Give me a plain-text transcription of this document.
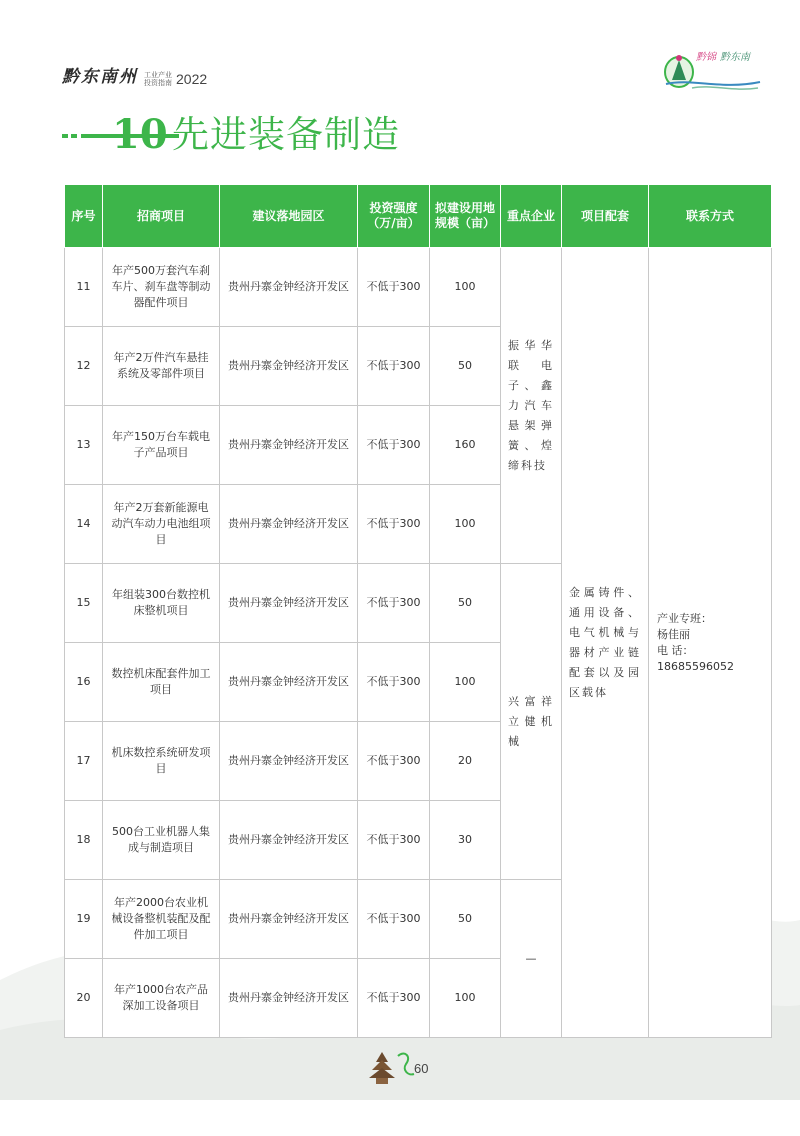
黔东南州 工业产业
投资指南 2022
黔锦 黔东南
10 先进装备制造
序号	招商项目	建议落地园区	投资强度（万/亩）	拟建设用地规模（亩）	重点企业	项目配套	联系方式
11	年产500万套汽车刹车片、刹车盘等制动器配件项目	贵州丹寨金钟经济开发区	不低于300	100	振华华联电子、鑫力汽车悬架弹簧、煌缔科技	金属铸件、通用设备、电气机械与器材产业链配套以及园区载体	产业专班：
杨佳丽
电 话：
18685596052

12	年产2万件汽车悬挂系统及零部件项目	贵州丹寨金钟经济开发区	不低于300	50			
13	年产150万台车载电子产品项目	贵州丹寨金钟经济开发区	不低于300	160			
14	年产2万套新能源电动汽车动力电池组项目	贵州丹寨金钟经济开发区	不低于300	100			
15	年组装300台数控机床整机项目	贵州丹寨金钟经济开发区	不低于300	50	兴富祥立健机械		
16	数控机床配套件加工项目	贵州丹寨金钟经济开发区	不低于300	100			
17	机床数控系统研发项目	贵州丹寨金钟经济开发区	不低于300	20			
18	500台工业机器人集成与制造项目	贵州丹寨金钟经济开发区	不低于300	30			
19	年产2000台农业机械设备整机装配及配件加工项目	贵州丹寨金钟经济开发区	不低于300	50	—		
20	年产1000台农产品深加工设备项目	贵州丹寨金钟经济开发区	不低于300	100			
60
